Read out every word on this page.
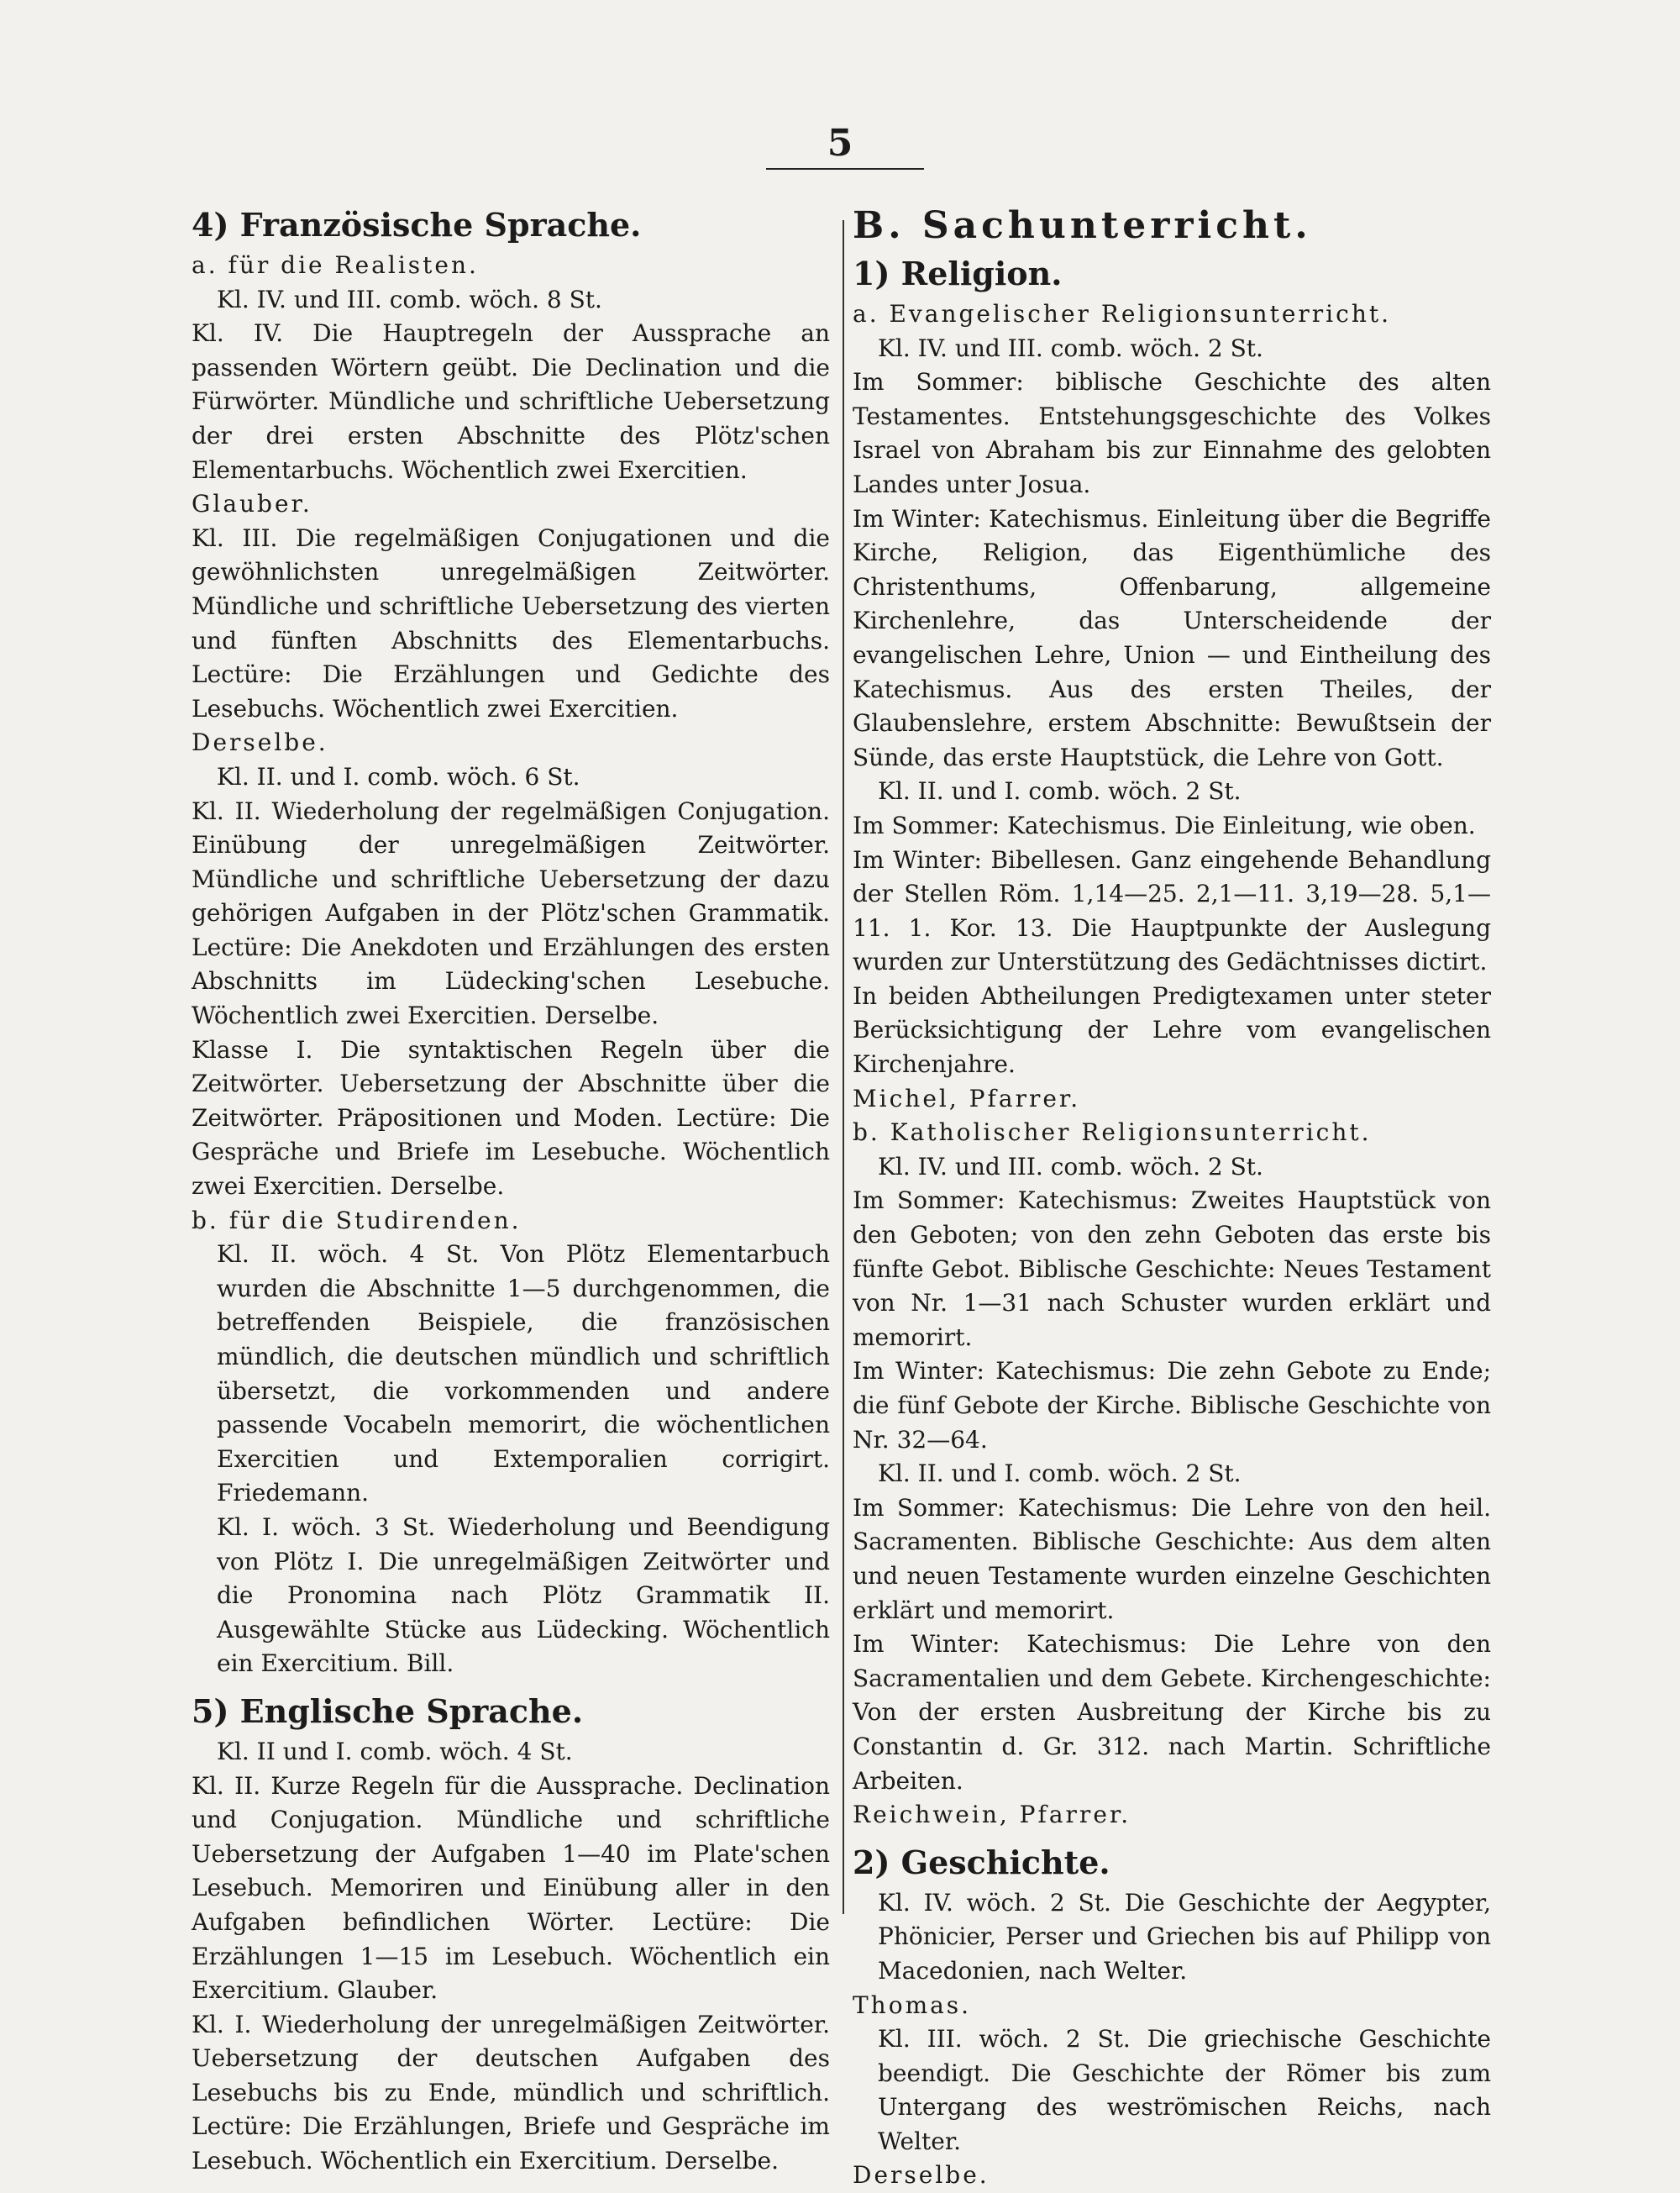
5

4) Französische Sprache.

a. für die Realisten.

Kl. IV. und III. comb. wöch. 8 St.

Kl. IV. Die Hauptregeln der Aussprache an passenden Wörtern geübt. Die Declination und die Fürwörter. Mündliche und schriftliche Uebersetzung der drei ersten Abschnitte des Plötz'schen Elementarbuchs. Wöchentlich zwei Exercitien.

Glauber.

Kl. III. Die regelmäßigen Conjugationen und die gewöhnlichsten unregelmäßigen Zeitwörter. Mündliche und schriftliche Uebersetzung des vierten und fünften Abschnitts des Elementarbuchs. Lectüre: Die Erzählungen und Gedichte des Lesebuchs. Wöchentlich zwei Exercitien.

Derselbe.

Kl. II. und I. comb. wöch. 6 St.

Kl. II. Wiederholung der regelmäßigen Conjugation. Einübung der unregelmäßigen Zeitwörter. Mündliche und schriftliche Uebersetzung der dazu gehörigen Aufgaben in der Plötz'schen Grammatik. Lectüre: Die Anekdoten und Erzählungen des ersten Abschnitts im Lüdecking'schen Lesebuche. Wöchentlich zwei Exercitien. Derselbe.

Klasse I. Die syntaktischen Regeln über die Zeitwörter. Uebersetzung der Abschnitte über die Zeitwörter. Präpositionen und Moden. Lectüre: Die Gespräche und Briefe im Lesebuche. Wöchentlich zwei Exercitien. Derselbe.

b. für die Studirenden.

Kl. II. wöch. 4 St. Von Plötz Elementarbuch wurden die Abschnitte 1—5 durchgenommen, die betreffenden Beispiele, die französischen mündlich, die deutschen mündlich und schriftlich übersetzt, die vorkommenden und andere passende Vocabeln memorirt, die wöchentlichen Exercitien und Extemporalien corrigirt. Friedemann.

Kl. I. wöch. 3 St. Wiederholung und Beendigung von Plötz I. Die unregelmäßigen Zeitwörter und die Pronomina nach Plötz Grammatik II. Ausgewählte Stücke aus Lüdecking. Wöchentlich ein Exercitium. Bill.

5) Englische Sprache.

Kl. II und I. comb. wöch. 4 St.

Kl. II. Kurze Regeln für die Aussprache. Declination und Conjugation. Mündliche und schriftliche Uebersetzung der Aufgaben 1—40 im Plate'schen Lesebuch. Memoriren und Einübung aller in den Aufgaben befindlichen Wörter. Lectüre: Die Erzählungen 1—15 im Lesebuch. Wöchentlich ein Exercitium. Glauber.

Kl. I. Wiederholung der unregelmäßigen Zeitwörter. Uebersetzung der deutschen Aufgaben des Lesebuchs bis zu Ende, mündlich und schriftlich. Lectüre: Die Erzählungen, Briefe und Gespräche im Lesebuch. Wöchentlich ein Exercitium. Derselbe.

B. Sachunterricht.

1) Religion.

a. Evangelischer Religionsunterricht.

Kl. IV. und III. comb. wöch. 2 St.

Im Sommer: biblische Geschichte des alten Testamentes. Entstehungsgeschichte des Volkes Israel von Abraham bis zur Einnahme des gelobten Landes unter Josua.

Im Winter: Katechismus. Einleitung über die Begriffe Kirche, Religion, das Eigenthümliche des Christenthums, Offenbarung, allgemeine Kirchenlehre, das Unterscheidende der evangelischen Lehre, Union — und Eintheilung des Katechismus. Aus des ersten Theiles, der Glaubenslehre, erstem Abschnitte: Bewußtsein der Sünde, das erste Hauptstück, die Lehre von Gott.

Kl. II. und I. comb. wöch. 2 St.

Im Sommer: Katechismus. Die Einleitung, wie oben.

Im Winter: Bibellesen. Ganz eingehende Behandlung der Stellen Röm. 1,14—25. 2,1—11. 3,19—28. 5,1—11. 1. Kor. 13. Die Hauptpunkte der Auslegung wurden zur Unterstützung des Gedächtnisses dictirt.

In beiden Abtheilungen Predigtexamen unter steter Berücksichtigung der Lehre vom evangelischen Kirchenjahre.

Michel, Pfarrer.

b. Katholischer Religionsunterricht.

Kl. IV. und III. comb. wöch. 2 St.

Im Sommer: Katechismus: Zweites Hauptstück von den Geboten; von den zehn Geboten das erste bis fünfte Gebot. Biblische Geschichte: Neues Testament von Nr. 1—31 nach Schuster wurden erklärt und memorirt.

Im Winter: Katechismus: Die zehn Gebote zu Ende; die fünf Gebote der Kirche. Biblische Geschichte von Nr. 32—64.

Kl. II. und I. comb. wöch. 2 St.

Im Sommer: Katechismus: Die Lehre von den heil. Sacramenten. Biblische Geschichte: Aus dem alten und neuen Testamente wurden einzelne Geschichten erklärt und memorirt.

Im Winter: Katechismus: Die Lehre von den Sacramentalien und dem Gebete. Kirchengeschichte: Von der ersten Ausbreitung der Kirche bis zu Constantin d. Gr. 312. nach Martin. Schriftliche Arbeiten.

Reichwein, Pfarrer.

2) Geschichte.

Kl. IV. wöch. 2 St. Die Geschichte der Aegypter, Phönicier, Perser und Griechen bis auf Philipp von Macedonien, nach Welter.

Thomas.

Kl. III. wöch. 2 St. Die griechische Geschichte beendigt. Die Geschichte der Römer bis zum Untergang des weströmischen Reichs, nach Welter.

Derselbe.
